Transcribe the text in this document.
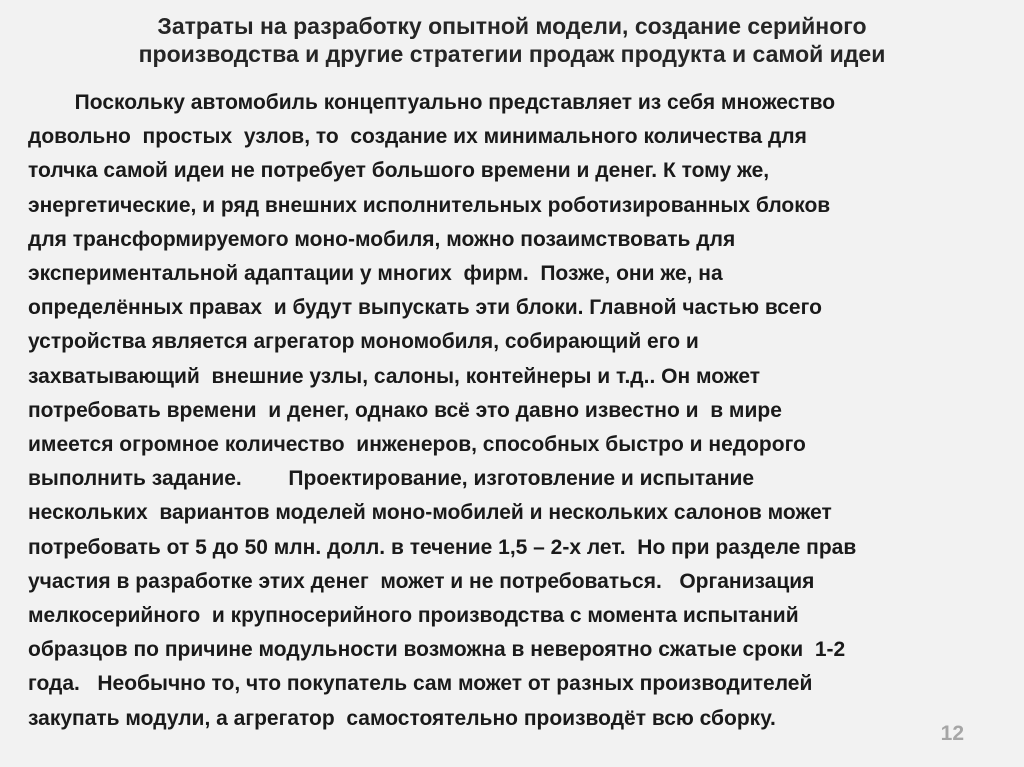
Затраты на разработку опытной модели, создание серийного
производства и другие стратегии продаж продукта и самой идеи
Поскольку автомобиль концептуально представляет из себя множество
довольно  простых  узлов, то  создание их минимального количества для
толчка самой идеи не потребует большого времени и денег. К тому же,
энергетические, и ряд внешних исполнительных роботизированных блоков
для трансформируемого моно-мобиля, можно позаимствовать для
экспериментальной адаптации у многих  фирм.  Позже, они же, на
определённых правах  и будут выпускать эти блоки. Главной частью всего
устройства является агрегатор мономобиля, собирающий его и
захватывающий  внешние узлы, салоны, контейнеры и т.д.. Он может
потребовать времени  и денег, однако всё это давно известно и  в мире
имеется огромное количество  инженеров, способных быстро и недорого
выполнить задание.        Проектирование, изготовление и испытание
нескольких  вариантов моделей моно-мобилей и нескольких салонов может
потребовать от 5 до 50 млн. долл. в течение 1,5 – 2-х лет.  Но при разделе прав
участия в разработке этих денег  может и не потребоваться.   Организация
мелкосерийного  и крупносерийного производства с момента испытаний
образцов по причине модульности возможна в невероятно сжатые сроки  1-2
года.   Необычно то, что покупатель сам может от разных производителей
закупать модули, а агрегатор  самостоятельно производёт всю сборку.
12
